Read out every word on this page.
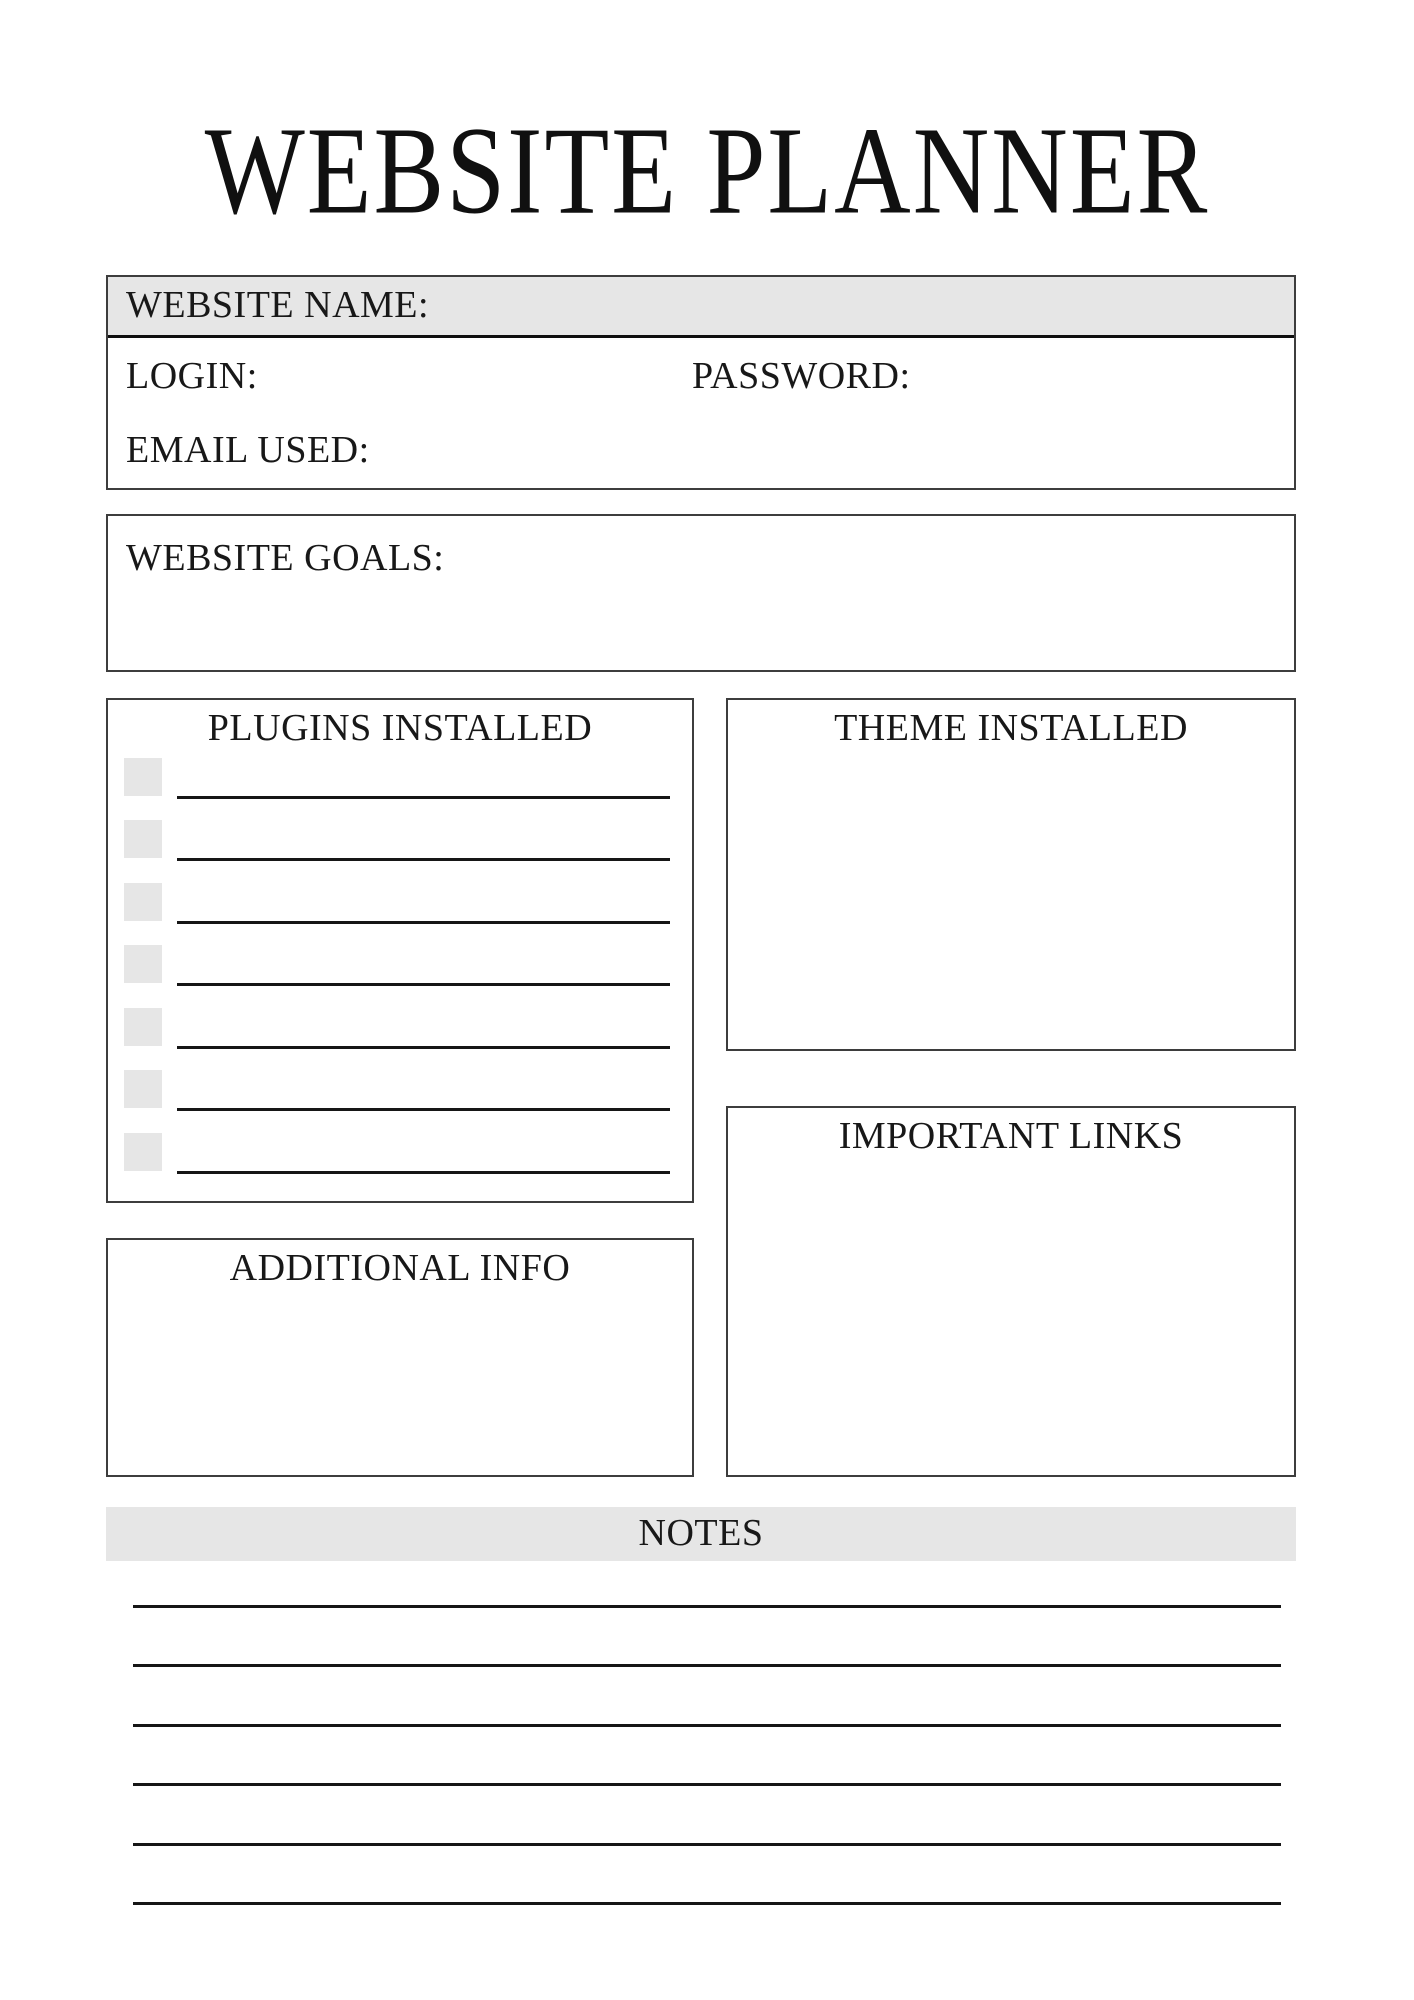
WEBSITE PLANNER
WEBSITE NAME:
LOGIN:	PASSWORD:
EMAIL USED:
WEBSITE GOALS:
PLUGINS INSTALLED	THEME INSTALLED
IMPORTANT LINKS
ADDITIONAL INFO
NOTES
